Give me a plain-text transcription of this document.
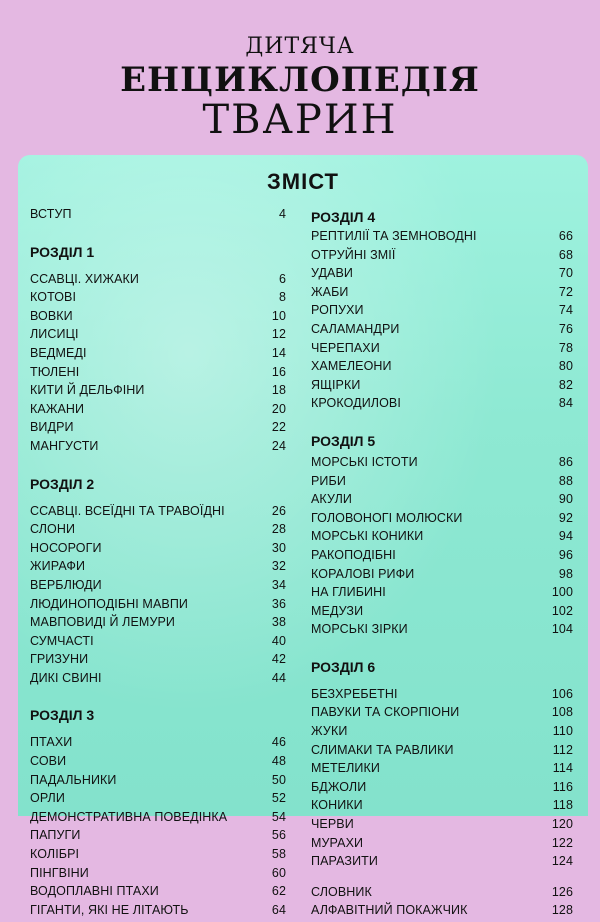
ДИТЯЧА
ЕНЦИКЛОПЕДІЯ
ТВАРИН
ЗМІСТ
ВСТУП	4
РОЗДІЛ 1
ССАВЦІ. ХИЖАКИ	6
КОТОВІ	8
ВОВКИ	10
ЛИСИЦІ	12
ВЕДМЕДІ	14
ТЮЛЕНІ	16
КИТИ Й ДЕЛЬФІНИ	18
КАЖАНИ	20
ВИДРИ	22
МАНГУСТИ	24
РОЗДІЛ 2
ССАВЦІ. ВСЕЇДНІ ТА ТРАВОЇДНІ	26
СЛОНИ	28
НОСОРОГИ	30
ЖИРАФИ	32
ВЕРБЛЮДИ	34
ЛЮДИНОПОДІБНІ МАВПИ	36
МАВПОВИДІ Й ЛЕМУРИ	38
СУМЧАСТІ	40
ГРИЗУНИ	42
ДИКІ СВИНІ	44
РОЗДІЛ 3
ПТАХИ	46
СОВИ	48
ПАДАЛЬНИКИ	50
ОРЛИ	52
ДЕМОНСТРАТИВНА ПОВЕДІНКА	54
ПАПУГИ	56
КОЛІБРІ	58
ПІНГВІНИ	60
ВОДОПЛАВНІ ПТАХИ	62
ГІГАНТИ, ЯКІ НЕ ЛІТАЮТЬ	64
РОЗДІЛ 4
РЕПТИЛІЇ ТА ЗЕМНОВОДНІ	66
ОТРУЙНІ ЗМІЇ	68
УДАВИ	70
ЖАБИ	72
РОПУХИ	74
САЛАМАНДРИ	76
ЧЕРЕПАХИ	78
ХАМЕЛЕОНИ	80
ЯЩІРКИ	82
КРОКОДИЛОВІ	84
РОЗДІЛ 5
МОРСЬКІ ІСТОТИ	86
РИБИ	88
АКУЛИ	90
ГОЛОВОНОГІ МОЛЮСКИ	92
МОРСЬКІ КОНИКИ	94
РАКОПОДІБНІ	96
КОРАЛОВІ РИФИ	98
НА ГЛИБИНІ	100
МЕДУЗИ	102
МОРСЬКІ ЗІРКИ	104
РОЗДІЛ 6
БЕЗХРЕБЕТНІ	106
ПАВУКИ ТА СКОРПІОНИ	108
ЖУКИ	110
СЛИМАКИ ТА РАВЛИКИ	112
МЕТЕЛИКИ	114
БДЖОЛИ	116
КОНИКИ	118
ЧЕРВИ	120
МУРАХИ	122
ПАРАЗИТИ	124
СЛОВНИК	126
АЛФАВІТНИЙ ПОКАЖЧИК	128
